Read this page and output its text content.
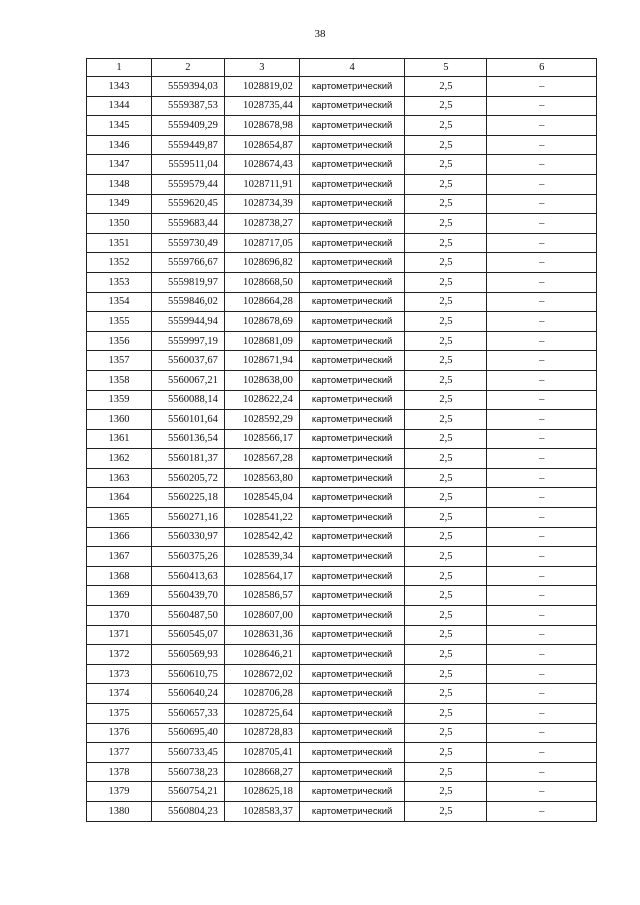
38
1	2	3	4	5	6
1343	5559394,03	1028819,02	картометрический	2,5	–
1344	5559387,53	1028735,44	картометрический	2,5	–
1345	5559409,29	1028678,98	картометрический	2,5	–
1346	5559449,87	1028654,87	картометрический	2,5	–
1347	5559511,04	1028674,43	картометрический	2,5	–
1348	5559579,44	1028711,91	картометрический	2,5	–
1349	5559620,45	1028734,39	картометрический	2,5	–
1350	5559683,44	1028738,27	картометрический	2,5	–
1351	5559730,49	1028717,05	картометрический	2,5	–
1352	5559766,67	1028696,82	картометрический	2,5	–
1353	5559819,97	1028668,50	картометрический	2,5	–
1354	5559846,02	1028664,28	картометрический	2,5	–
1355	5559944,94	1028678,69	картометрический	2,5	–
1356	5559997,19	1028681,09	картометрический	2,5	–
1357	5560037,67	1028671,94	картометрический	2,5	–
1358	5560067,21	1028638,00	картометрический	2,5	–
1359	5560088,14	1028622,24	картометрический	2,5	–
1360	5560101,64	1028592,29	картометрический	2,5	–
1361	5560136,54	1028566,17	картометрический	2,5	–
1362	5560181,37	1028567,28	картометрический	2,5	–
1363	5560205,72	1028563,80	картометрический	2,5	–
1364	5560225,18	1028545,04	картометрический	2,5	–
1365	5560271,16	1028541,22	картометрический	2,5	–
1366	5560330,97	1028542,42	картометрический	2,5	–
1367	5560375,26	1028539,34	картометрический	2,5	–
1368	5560413,63	1028564,17	картометрический	2,5	–
1369	5560439,70	1028586,57	картометрический	2,5	–
1370	5560487,50	1028607,00	картометрический	2,5	–
1371	5560545,07	1028631,36	картометрический	2,5	–
1372	5560569,93	1028646,21	картометрический	2,5	–
1373	5560610,75	1028672,02	картометрический	2,5	–
1374	5560640,24	1028706,28	картометрический	2,5	–
1375	5560657,33	1028725,64	картометрический	2,5	–
1376	5560695,40	1028728,83	картометрический	2,5	–
1377	5560733,45	1028705,41	картометрический	2,5	–
1378	5560738,23	1028668,27	картометрический	2,5	–
1379	5560754,21	1028625,18	картометрический	2,5	–
1380	5560804,23	1028583,37	картометрический	2,5	–
